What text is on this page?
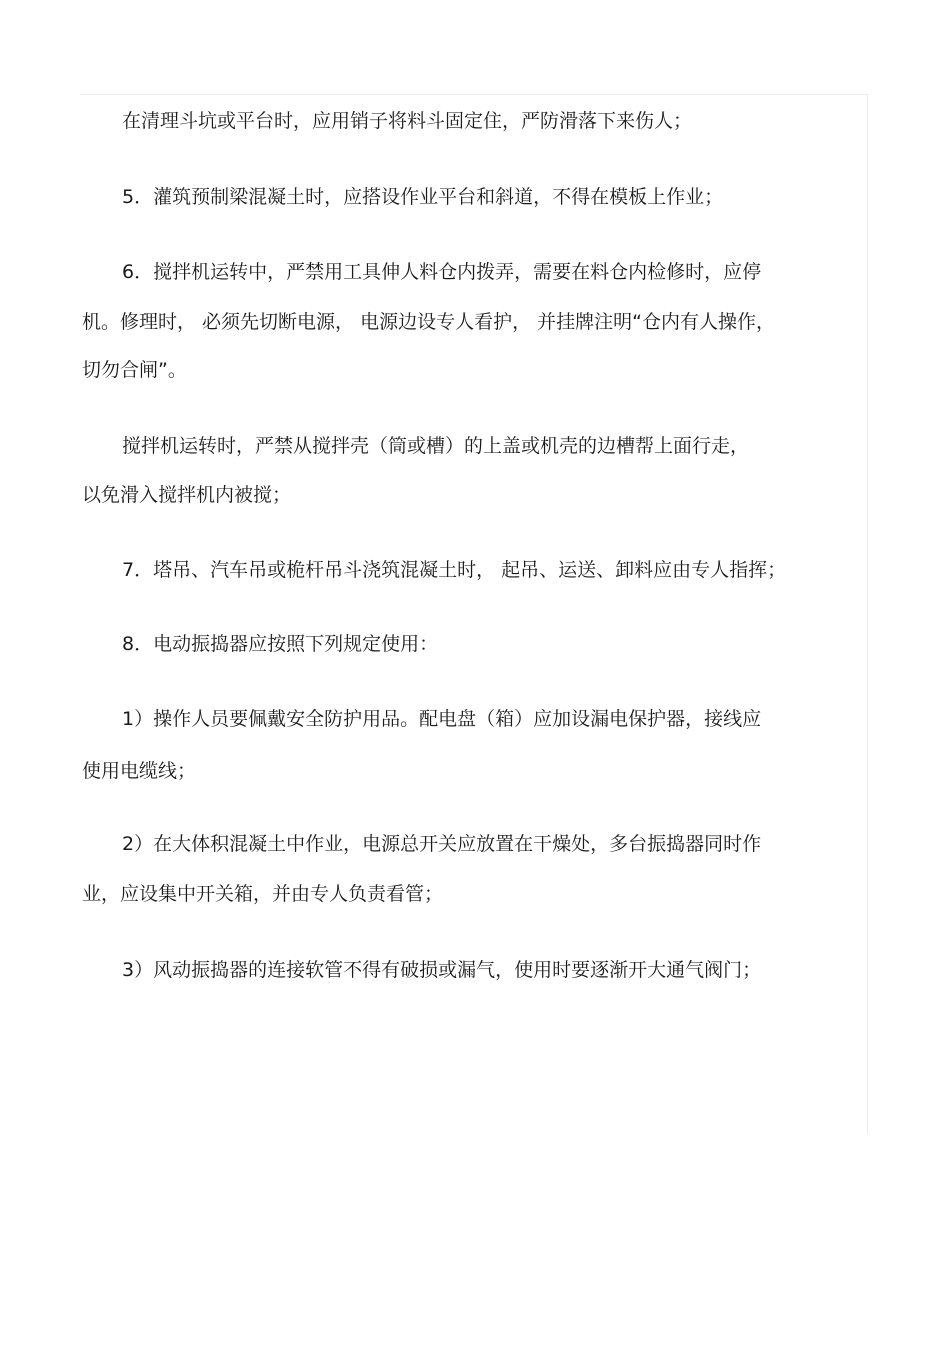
在清理斗坑或平台时，应用销子将料斗固定住，严防滑落下来伤人；
5．灌筑预制梁混凝土时，应搭设作业平台和斜道，不得在模板上作业；
6．搅拌机运转中，严禁用工具伸人料仓内拨弄，需要在料仓内检修时，应停
机。修理时， 必须先切断电源， 电源边设专人看护， 并挂牌注明“仓内有人操作，
切勿合闸”。
搅拌机运转时，严禁从搅拌壳（筒或槽）的上盖或机壳的边槽帮上面行走，
以免滑入搅拌机内被搅；
7．塔吊、汽车吊或桅杆吊斗浇筑混凝土时， 起吊、运送、卸料应由专人指挥；
8．电动振捣器应按照下列规定使用：
1）操作人员要佩戴安全防护用品。配电盘（箱）应加设漏电保护器，接线应
使用电缆线；
2）在大体积混凝土中作业，电源总开关应放置在干燥处，多台振捣器同时作
业，应设集中开关箱，并由专人负责看管；
3）风动振捣器的连接软管不得有破损或漏气，使用时要逐渐开大通气阀门；
